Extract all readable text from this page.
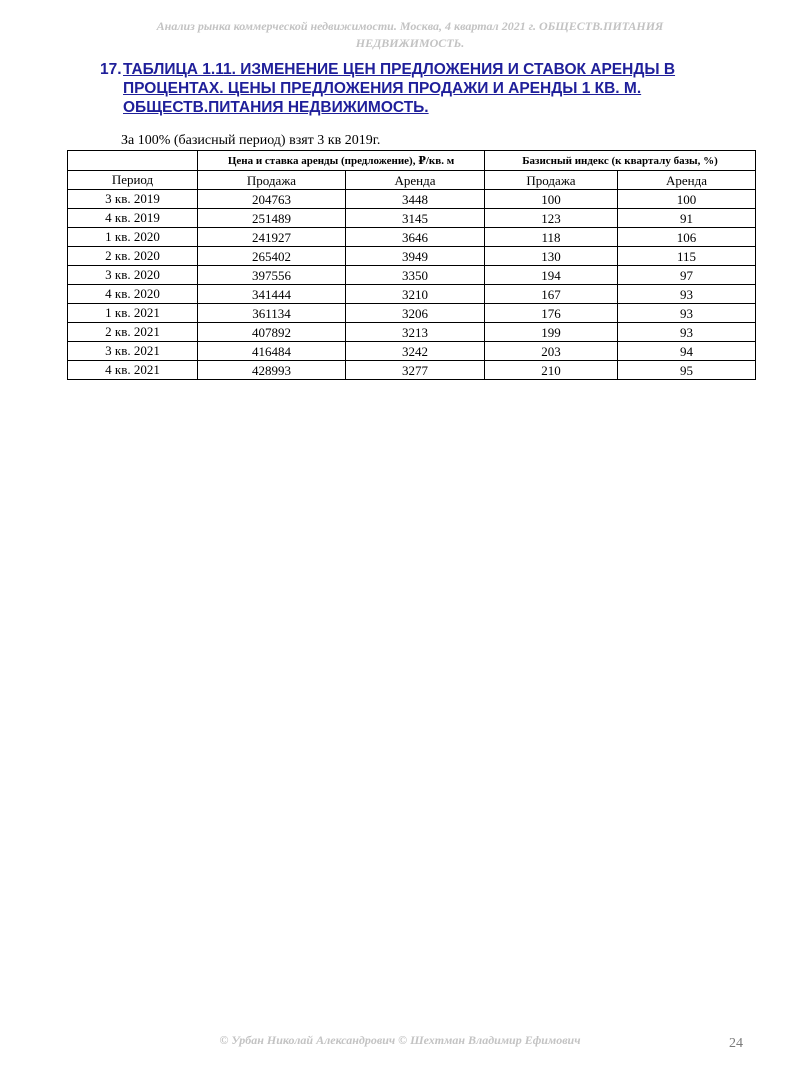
Анализ рынка коммерческой недвижимости. Москва, 4 квартал 2021 г. ОБЩЕСТВ.ПИТАНИЯ
НЕДВИЖИМОСТЬ.
17. ТАБЛИЦА 1.11. ИЗМЕНЕНИЕ ЦЕН ПРЕДЛОЖЕНИЯ И СТАВОК АРЕНДЫ В ПРОЦЕНТАХ. ЦЕНЫ ПРЕДЛОЖЕНИЯ ПРОДАЖИ И АРЕНДЫ 1 КВ. М. ОБЩЕСТВ.ПИТАНИЯ НЕДВИЖИМОСТЬ.
За 100% (базисный период) взят 3 кв 2019г.
	Цена и ставка аренды (предложение), ₽/кв. м		Базисный индекс (к кварталу базы, %)	
Период	Продажа	Аренда	Продажа	Аренда
3 кв. 2019	204763	3448	100	100
4 кв. 2019	251489	3145	123	91
1 кв. 2020	241927	3646	118	106
2 кв. 2020	265402	3949	130	115
3 кв. 2020	397556	3350	194	97
4 кв. 2020	341444	3210	167	93
1 кв. 2021	361134	3206	176	93
2 кв. 2021	407892	3213	199	93
3 кв. 2021	416484	3242	203	94
4 кв. 2021	428993	3277	210	95
© Урбан Николай Александрович © Шехтман Владимир Ефимович	24
